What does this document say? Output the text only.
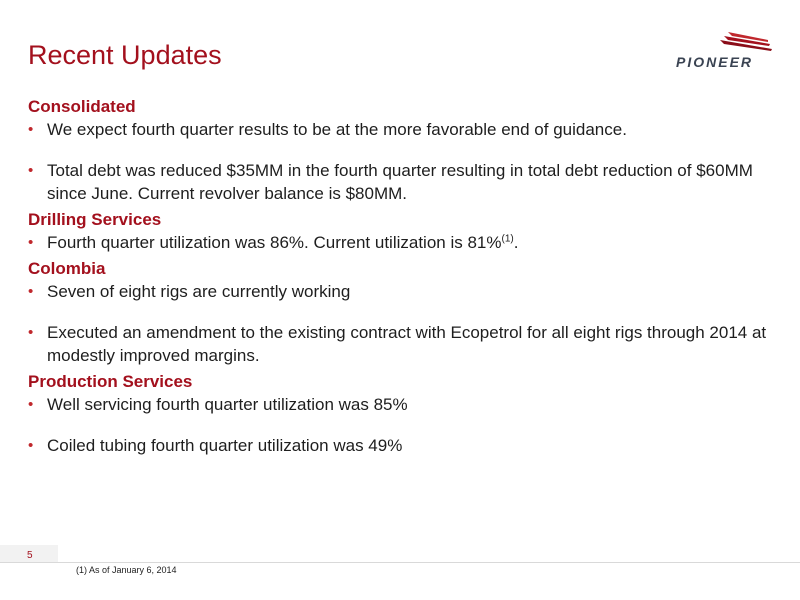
Recent Updates	PIONEER
Consolidated
• We expect fourth quarter results to be at the more favorable end of guidance.
• Total debt was reduced $35MM in the fourth quarter resulting in total debt reduction of $60MM since June. Current revolver balance is $80MM.
Drilling Services
• Fourth quarter utilization was 86%. Current utilization is 81%$^{(1)}$.
Colombia
• Seven of eight rigs are currently working
• Executed an amendment to the existing contract with Ecopetrol for all eight rigs through 2014 at modestly improved margins.
Production Services
• Well servicing fourth quarter utilization was 85%
• Coiled tubing fourth quarter utilization was 49%
5
(1) As of January 6, 2014
